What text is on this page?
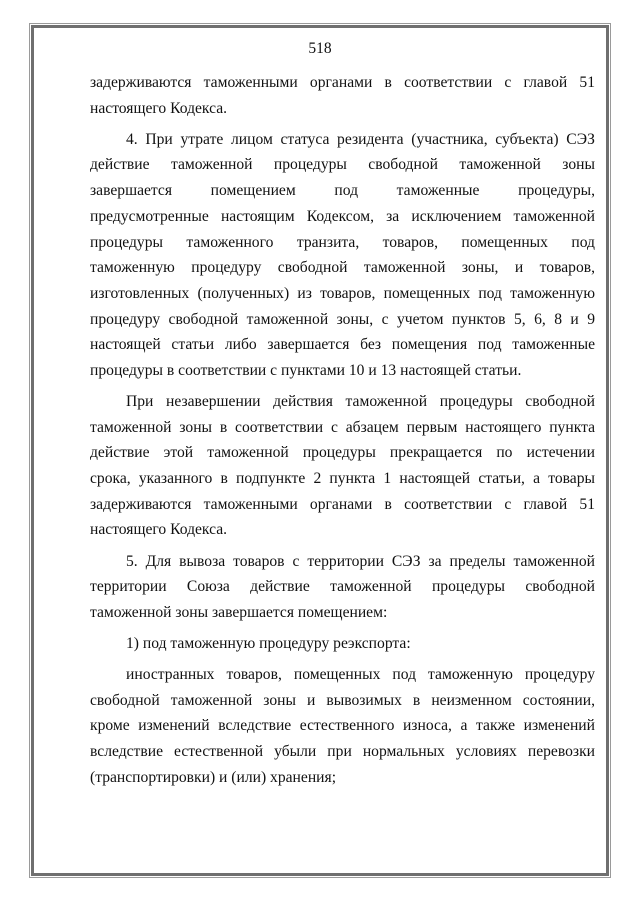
518
задерживаются таможенными органами в соответствии с главой 51
настоящего Кодекса.
4. При утрате лицом статуса резидента (участника, субъекта) СЭЗ
действие таможенной процедуры свободной таможенной зоны
завершается помещением под таможенные процедуры,
предусмотренные настоящим Кодексом, за исключением таможенной
процедуры таможенного транзита, товаров, помещенных под
таможенную процедуру свободной таможенной зоны, и товаров,
изготовленных (полученных) из товаров, помещенных под таможенную
процедуру свободной таможенной зоны, с учетом пунктов 5, 6, 8 и 9
настоящей статьи либо завершается без помещения под таможенные
процедуры в соответствии с пунктами 10 и 13 настоящей статьи.
При незавершении действия таможенной процедуры свободной
таможенной зоны в соответствии с абзацем первым настоящего пункта
действие этой таможенной процедуры прекращается по истечении
срока, указанного в подпункте 2 пункта 1 настоящей статьи, а товары
задерживаются таможенными органами в соответствии с главой 51
настоящего Кодекса.
5. Для вывоза товаров с территории СЭЗ за пределы таможенной
территории Союза действие таможенной процедуры свободной
таможенной зоны завершается помещением:
1) под таможенную процедуру реэкспорта:
иностранных товаров, помещенных под таможенную процедуру
свободной таможенной зоны и вывозимых в неизменном состоянии,
кроме изменений вследствие естественного износа, а также изменений
вследствие естественной убыли при нормальных условиях перевозки
(транспортировки) и (или) хранения;
